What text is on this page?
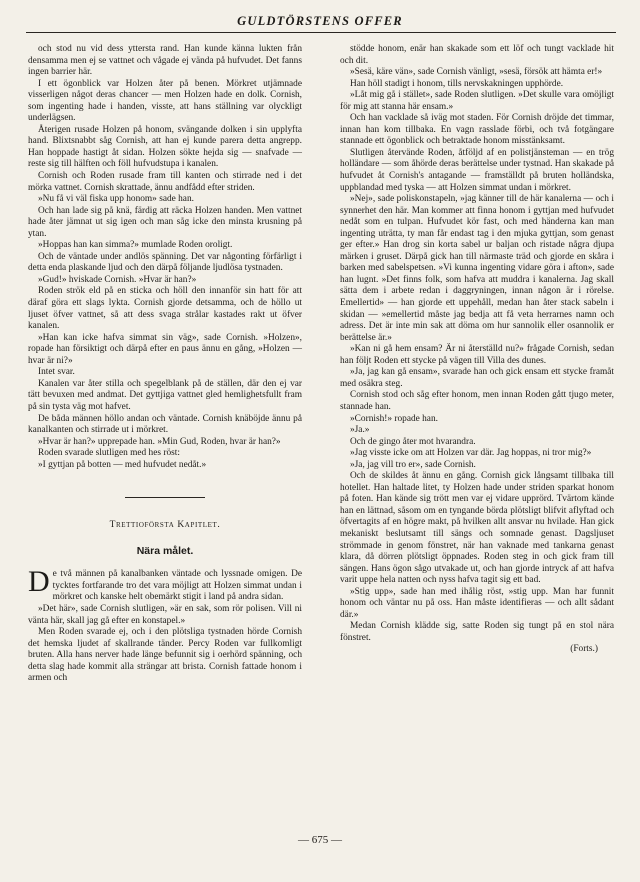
GULDTÖRSTENS OFFER

och stod nu vid dess yttersta rand. Han kunde känna lukten från densamma men ej se vattnet och vågade ej vända på hufvudet. Det fanns ingen barrier här.

I ett ögonblick var Holzen åter på benen. Mörkret utjämnade visserligen något deras chancer — men Holzen hade en dolk. Cornish, som ingenting hade i handen, visste, att hans ställning var olyckligt underlägsen.

Återigen rusade Holzen på honom, svängande dolken i sin upplyfta hand. Blixtsnabbt såg Cornish, att han ej kunde parera detta angrepp. Han hoppade hastigt åt sidan. Holzen sökte hejda sig — snafvade — reste sig till hälften och föll hufvudstupa i kanalen.

Cornish och Roden rusade fram till kanten och stirrade ned i det mörka vattnet. Cornish skrattade, ännu andfådd efter striden.

»Nu få vi väl fiska upp honom» sade han.

Och han lade sig på knä, färdig att räcka Holzen handen. Men vattnet hade åter jämnat ut sig igen och man såg icke den minsta krusning på ytan.

»Hoppas han kan simma?» mumlade Roden oroligt.

Och de väntade under andlös spänning. Det var någonting förfärligt i detta enda plaskande ljud och den därpå följande ljudlösa tystnaden.

»Gud!» hviskade Cornish. »Hvar är han?»

Roden strök eld på en sticka och höll den innanför sin hatt för att däraf göra ett slags lykta. Cornish gjorde detsamma, och de höllo ut ljuset öfver vattnet, så att dess svaga strålar kastades rakt ut öfver kanalen.

»Han kan icke hafva simmat sin väg», sade Cornish. »Holzen», ropade han försiktigt och därpå efter en paus ännu en gång, »Holzen — hvar är ni?»

Intet svar.

Kanalen var åter stilla och spegelblank på de ställen, där den ej var tätt bevuxen med andmat. Det gyttjiga vattnet gled hemlighetsfullt fram på sin tysta väg mot hafvet.

De båda männen höllo andan och väntade. Cornish knäböjde ännu på kanalkanten och stirrade ut i mörkret.

»Hvar är han?» upprepade han. »Min Gud, Roden, hvar är han?»

Roden svarade slutligen med hes röst:

»I gyttjan på botten — med hufvudet nedåt.»

Trettioförsta Kapitlet.

Nära målet.

De två männen på kanalbanken väntade och lyssnade omigen. De tycktes fortfarande tro det vara möjligt att Holzen simmat undan i mörkret och kanske helt obemärkt stigit i land på andra sidan.

»Det här», sade Cornish slutligen, »är en sak, som rör polisen. Vill ni vänta här, skall jag gå efter en konstapel.»

Men Roden svarade ej, och i den plötsliga tystnaden hörde Cornish det hemska ljudet af skallrande tänder. Percy Roden var fullkomligt bruten. Alla hans nerver hade länge befunnit sig i oerhörd spänning, och detta slag hade kommit alla strängar att brista. Cornish fattade honom i armen och

stödde honom, enär han skakade som ett löf och tungt vacklade hit och dit.

»Sesä, käre vän», sade Cornish vänligt, »sesä, försök att hämta er!»

Han höll stadigt i honom, tills nervskakningen upphörde.

»Låt mig gå i stället», sade Roden slutligen. »Det skulle vara omöjligt för mig att stanna här ensam.»

Och han vacklade så iväg mot staden. För Cornish dröjde det timmar, innan han kom tillbaka. En vagn rasslade förbi, och två fotgängare stannade ett ögonblick och betraktade honom misstänksamt.

Slutligen återvände Roden, åtföljd af en polistjänsteman — en trög holländare — som åhörde deras berättelse under tystnad. Han skakade på hufvudet åt Cornish's antagande — framställdt på bruten holländska, uppblandad med tyska — att Holzen simmat undan i mörkret.

»Nej», sade poliskonstapeln, »jag känner till de här kanalerna — och i synnerhet den här. Man kommer att finna honom i gyttjan med hufvudet nedåt som en tulpan. Hufvudet kör fast, och med händerna kan man ingenting uträtta, ty man får endast tag i den mjuka gyttjan, som genast ger efter.» Han drog sin korta sabel ur baljan och ristade några djupa märken i gruset. Därpå gick han till närmaste träd och gjorde en skåra i barken med sabelspetsen. »Vi kunna ingenting vidare göra i afton», sade han lugnt. »Det finns folk, som hafva att muddra i kanalerna. Jag skall sätta dem i arbete redan i daggryningen, innan någon är i rörelse. Emellertid» — han gjorde ett uppehåll, medan han åter stack sabeln i skidan — »emellertid måste jag bedja att få veta herrarnes namn och adress. Det är inte min sak att döma om hur sannolik eller osannolik er berättelse är.»

»Kan ni gå hem ensam? Är ni återställd nu?» frågade Cornish, sedan han följt Roden ett stycke på vägen till Villa des dunes.

»Ja, jag kan gå ensam», svarade han och gick ensam ett stycke framåt med osäkra steg.

Cornish stod och såg efter honom, men innan Roden gått tjugo meter, stannade han.

»Cornish!» ropade han.

»Ja.»

Och de gingo åter mot hvarandra.

»Jag visste icke om att Holzen var där. Jag hoppas, ni tror mig?»

»Ja, jag vill tro er», sade Cornish.

Och de skildes åt ännu en gång. Cornish gick långsamt tillbaka till hotellet. Han haltade litet, ty Holzen hade under striden sparkat honom på foten. Han kände sig trött men var ej vidare upprörd. Tvärtom kände han en lättnad, såsom om en tyngande börda plötsligt blifvit aflyftad och öfvertagits af en högre makt, på hvilken allt ansvar nu hvilade. Han gick mekaniskt beslutsamt till sängs och somnade genast. Dagsljuset strömmade in genom fönstret, när han vaknade med tankarna genast klara, då dörren plötsligt öppnades. Roden steg in och gick fram till sängen. Hans ögon sågo utvakade ut, och han gjorde intryck af att hafva varit uppe hela natten och nyss hafva tagit sig ett bad.

»Stig upp», sade han med ihålig röst, »stig upp. Man har funnit honom och väntar nu på oss. Han måste identifieras — och allt sådant där.»

Medan Cornish klädde sig, satte Roden sig tungt på en stol nära fönstret.

(Forts.)

— 675 —
